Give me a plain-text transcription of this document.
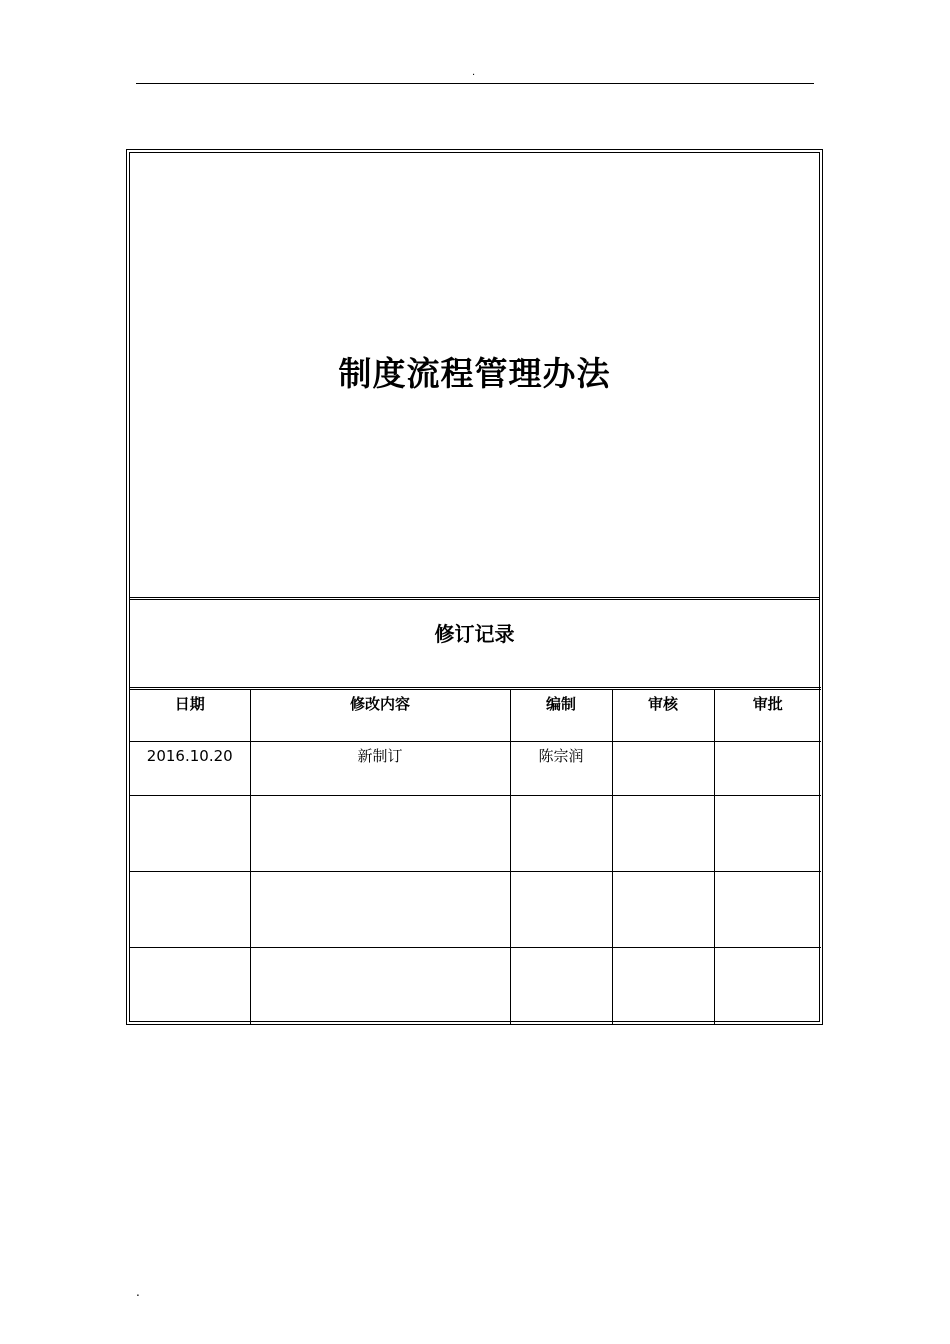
.
制度流程管理办法
修订记录
日期	修改内容	编制	审核	审批
2016.10.20	新制订	陈宗润		

.
